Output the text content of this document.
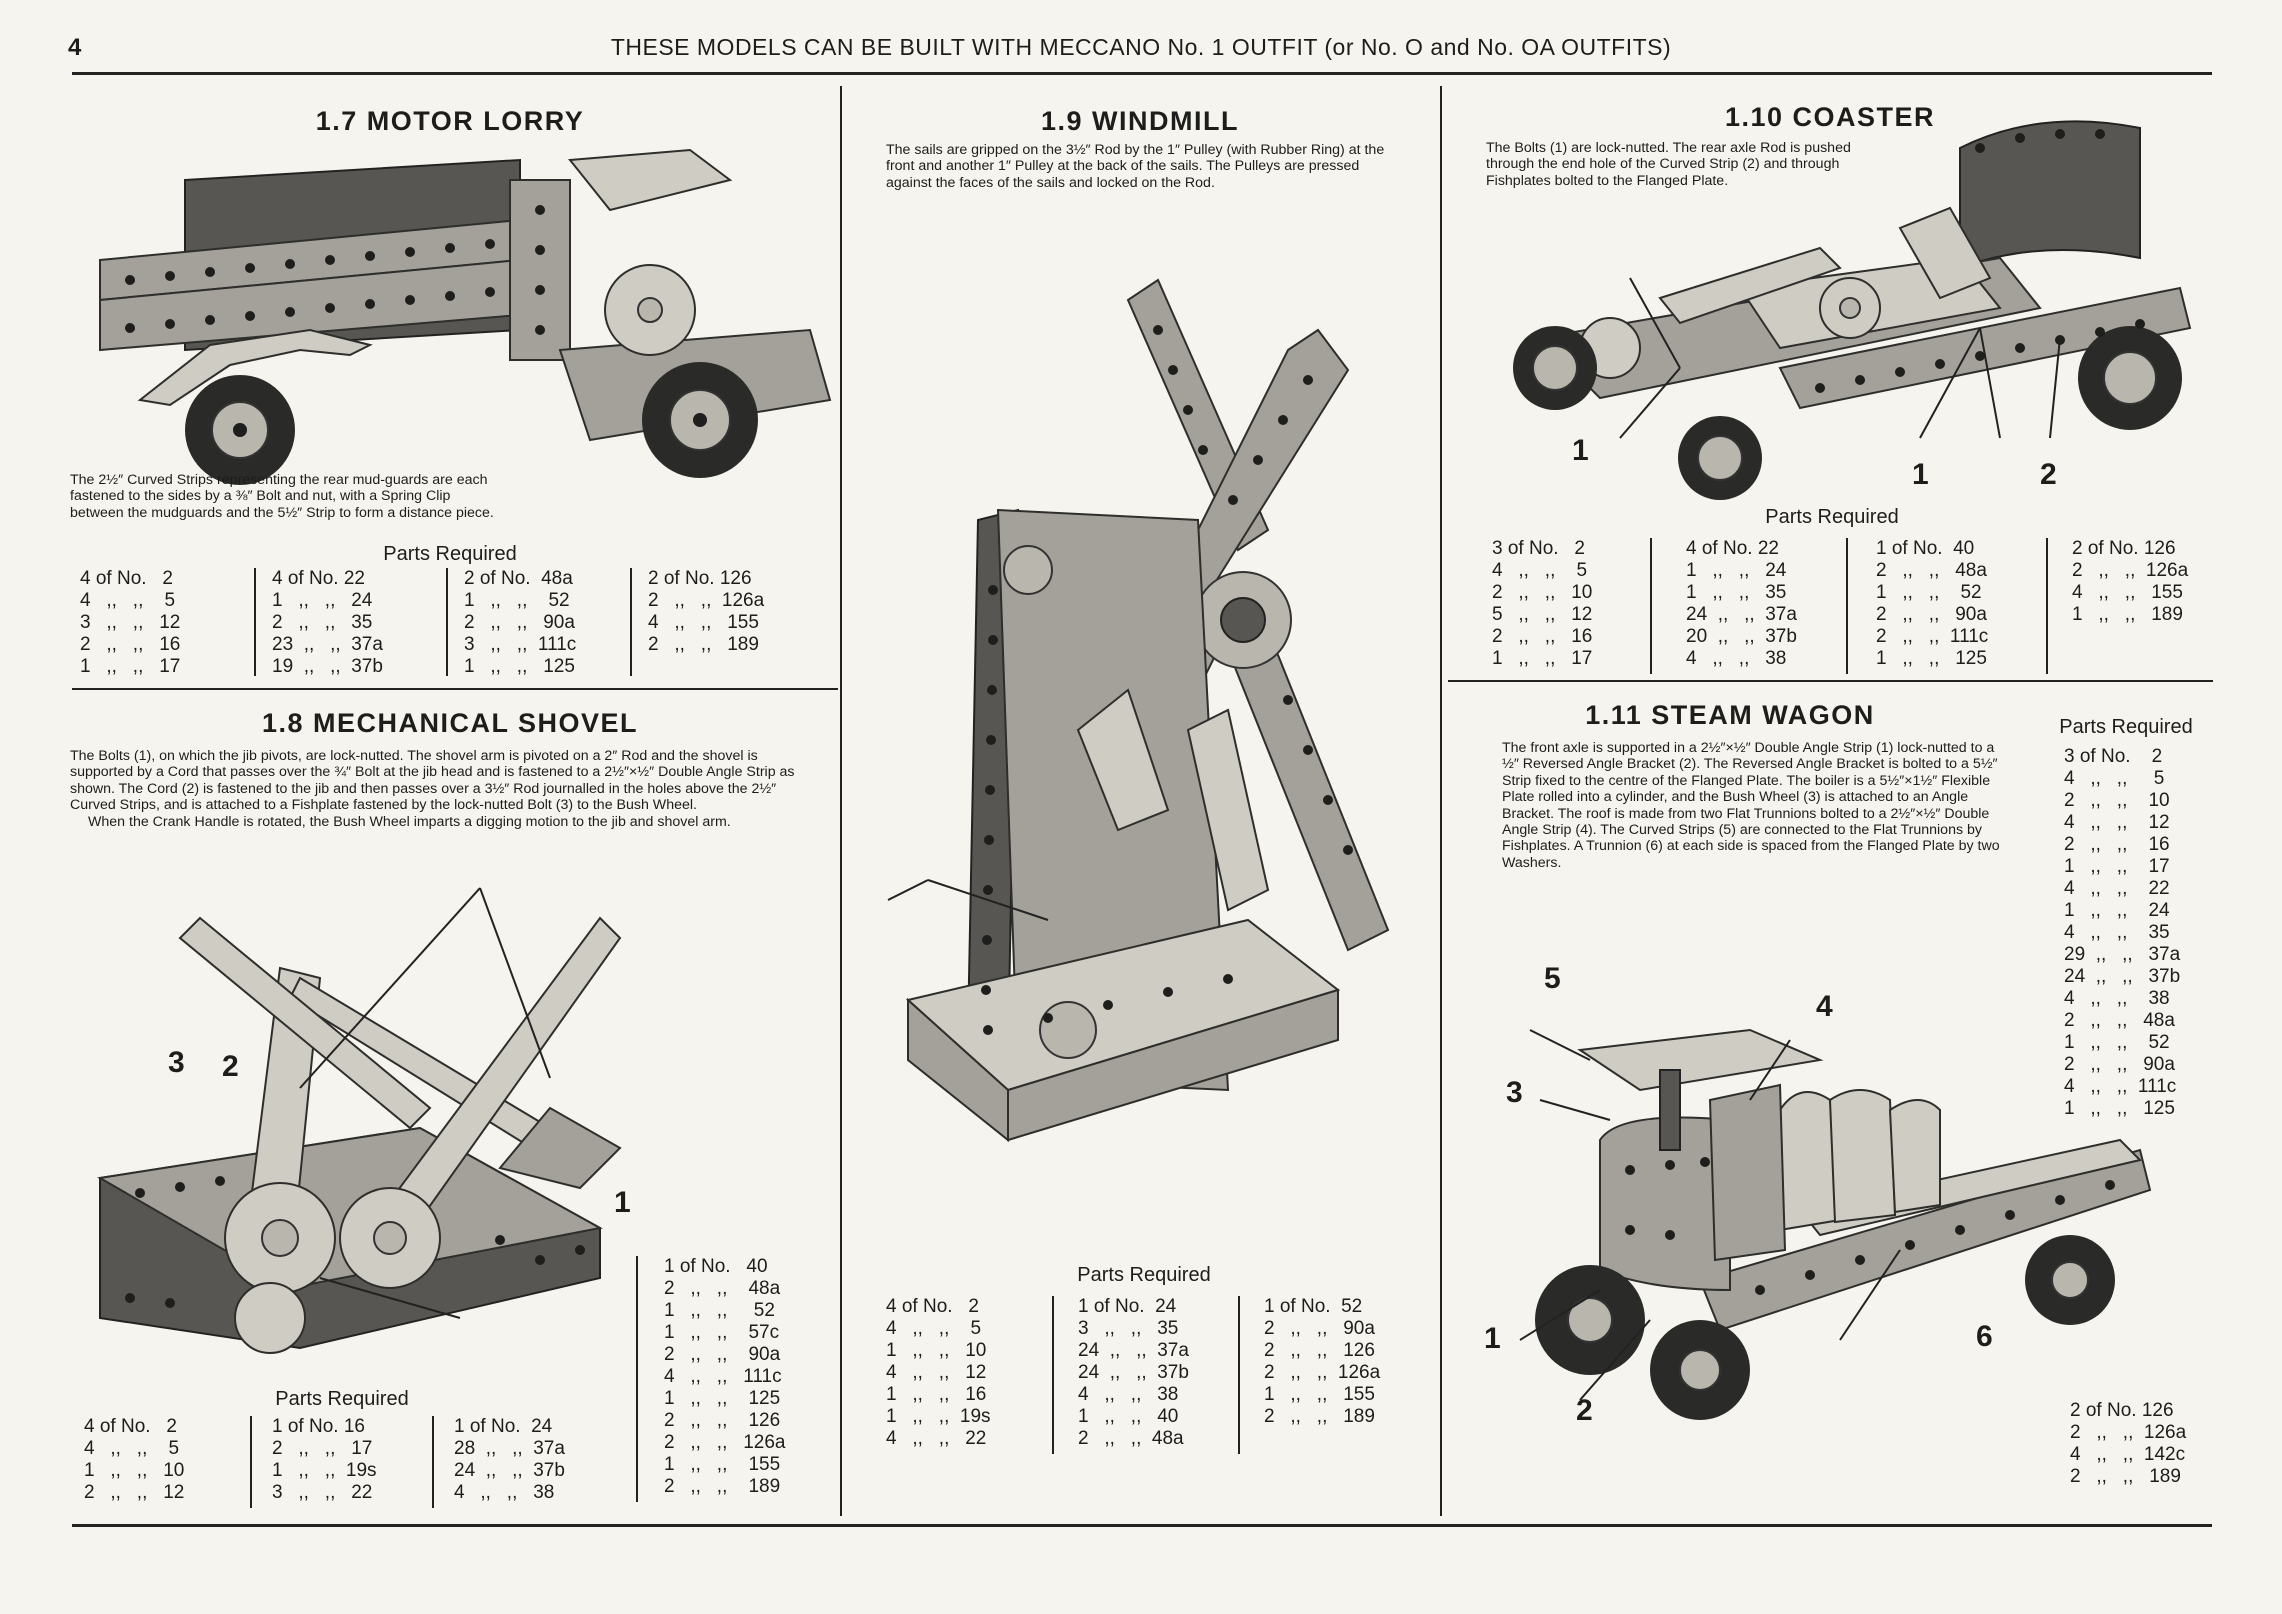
4	THESE MODELS CAN BE BUILT WITH MECCANO No. 1 OUTFIT (or No. O and No. OA OUTFITS)
1.7 MOTOR LORRY
The 2½″ Curved Strips representing the rear mud-guards are each fastened to the sides by a ⅜″ Bolt and nut, with a Spring Clip between the mudguards and the 5½″ Strip to form a distance piece.
Parts Required
4 of No.   2
4   ,,   ,,    5
3   ,,   ,,   12
2   ,,   ,,   16
1   ,,   ,,   17
4 of No. 22
1   ,,   ,,   24
2   ,,   ,,   35
23  ,,   ,,  37a
19  ,,   ,,  37b
2 of No.  48a
1   ,,   ,,    52
2   ,,   ,,   90a
3   ,,   ,,  111c
1   ,,   ,,   125
2 of No. 126
2   ,,   ,,  126a
4   ,,   ,,   155
2   ,,   ,,   189
1.8 MECHANICAL SHOVEL

The Bolts (1), on which the jib pivots, are lock-nutted. The shovel arm is pivoted on a 2″ Rod and the shovel is supported by a Cord that passes over the ¾″ Bolt at the jib head and is fastened to a 2½″×½″ Double Angle Strip as shown. The Cord (2) is fastened to the jib and then passes over a 3½″ Rod journalled in the holes above the 2½″ Curved Strips, and is attached to a Fishplate fastened by the lock-nutted Bolt (3) to the Bush Wheel.

When the Crank Handle is rotated, the Bush Wheel imparts a digging motion to the jib and shovel arm.

3 2
1
1 of No.   40
2   ,,   ,,    48a
1   ,,   ,,     52
1   ,,   ,,    57c
2   ,,   ,,    90a
4   ,,   ,,   111c
1   ,,   ,,    125
2   ,,   ,,    126
2   ,,   ,,   126a
1   ,,   ,,    155
2   ,,   ,,    189
Parts Required
4 of No.   2
4   ,,   ,,    5
1   ,,   ,,   10
2   ,,   ,,   12
1 of No. 16
2   ,,   ,,   17
1   ,,   ,,  19s
3   ,,   ,,   22
1 of No.  24
28  ,,   ,,  37a
24  ,,   ,,  37b
4   ,,   ,,   38
1.9 WINDMILL
The sails are gripped on the 3½″ Rod by the 1″ Pulley (with Rubber Ring) at the front and another 1″ Pulley at the back of the sails. The Pulleys are pressed against the faces of the sails and locked on the Rod.
Parts Required
4 of No.   2
4   ,,   ,,    5
1   ,,   ,,   10
4   ,,   ,,   12
1   ,,   ,,   16
1   ,,   ,,  19s
4   ,,   ,,   22
1 of No.  24
3   ,,   ,,   35
24  ,,   ,,  37a
24  ,,   ,,  37b
4   ,,   ,,   38
1   ,,   ,,   40
2   ,,   ,,  48a
1 of No.  52
2   ,,   ,,   90a
2   ,,   ,,   126
2   ,,   ,,  126a
1   ,,   ,,   155
2   ,,   ,,   189
1.10 COASTER
The Bolts (1) are lock-nutted. The rear axle Rod is pushed through the end hole of the Curved Strip (2) and through Fishplates bolted to the Flanged Plate.
1
1	2
Parts Required
3 of No.   2
4   ,,   ,,    5
2   ,,   ,,   10
5   ,,   ,,   12
2   ,,   ,,   16
1   ,,   ,,   17
4 of No. 22
1   ,,   ,,   24
1   ,,   ,,   35
24  ,,   ,,  37a
20  ,,   ,,  37b
4   ,,   ,,   38
1 of No.  40
2   ,,   ,,   48a
1   ,,   ,,    52
2   ,,   ,,   90a
2   ,,   ,,  111c
1   ,,   ,,   125
2 of No. 126
2   ,,   ,,  126a
4   ,,   ,,   155
1   ,,   ,,   189
1.11 STEAM WAGON
The front axle is supported in a 2½″×½″ Double Angle Strip (1) lock-nutted to a ½″ Reversed Angle Bracket (2). The Reversed Angle Bracket is bolted to a 5½″ Strip fixed to the centre of the Flanged Plate. The boiler is a 5½″×1½″ Flexible Plate rolled into a cylinder, and the Bush Wheel (3) is attached to an Angle Bracket. The roof is made from two Flat Trunnions bolted to a 2½″×½″ Double Angle Strip (4). The Curved Strips (5) are connected to the Flat Trunnions by Fishplates. A Trunnion (6) at each side is spaced from the Flanged Plate by two Washers.
5
4
3
1
2
6
Parts Required
3 of No.    2
4   ,,   ,,     5
2   ,,   ,,    10
4   ,,   ,,    12
2   ,,   ,,    16
1   ,,   ,,    17
4   ,,   ,,    22
1   ,,   ,,    24
4   ,,   ,,    35
29  ,,   ,,   37a
24  ,,   ,,   37b
4   ,,   ,,    38
2   ,,   ,,   48a
1   ,,   ,,    52
2   ,,   ,,   90a
4   ,,   ,,  111c
1   ,,   ,,   125
2 of No. 126
2   ,,   ,,  126a
4   ,,   ,,  142c
2   ,,   ,,   189
